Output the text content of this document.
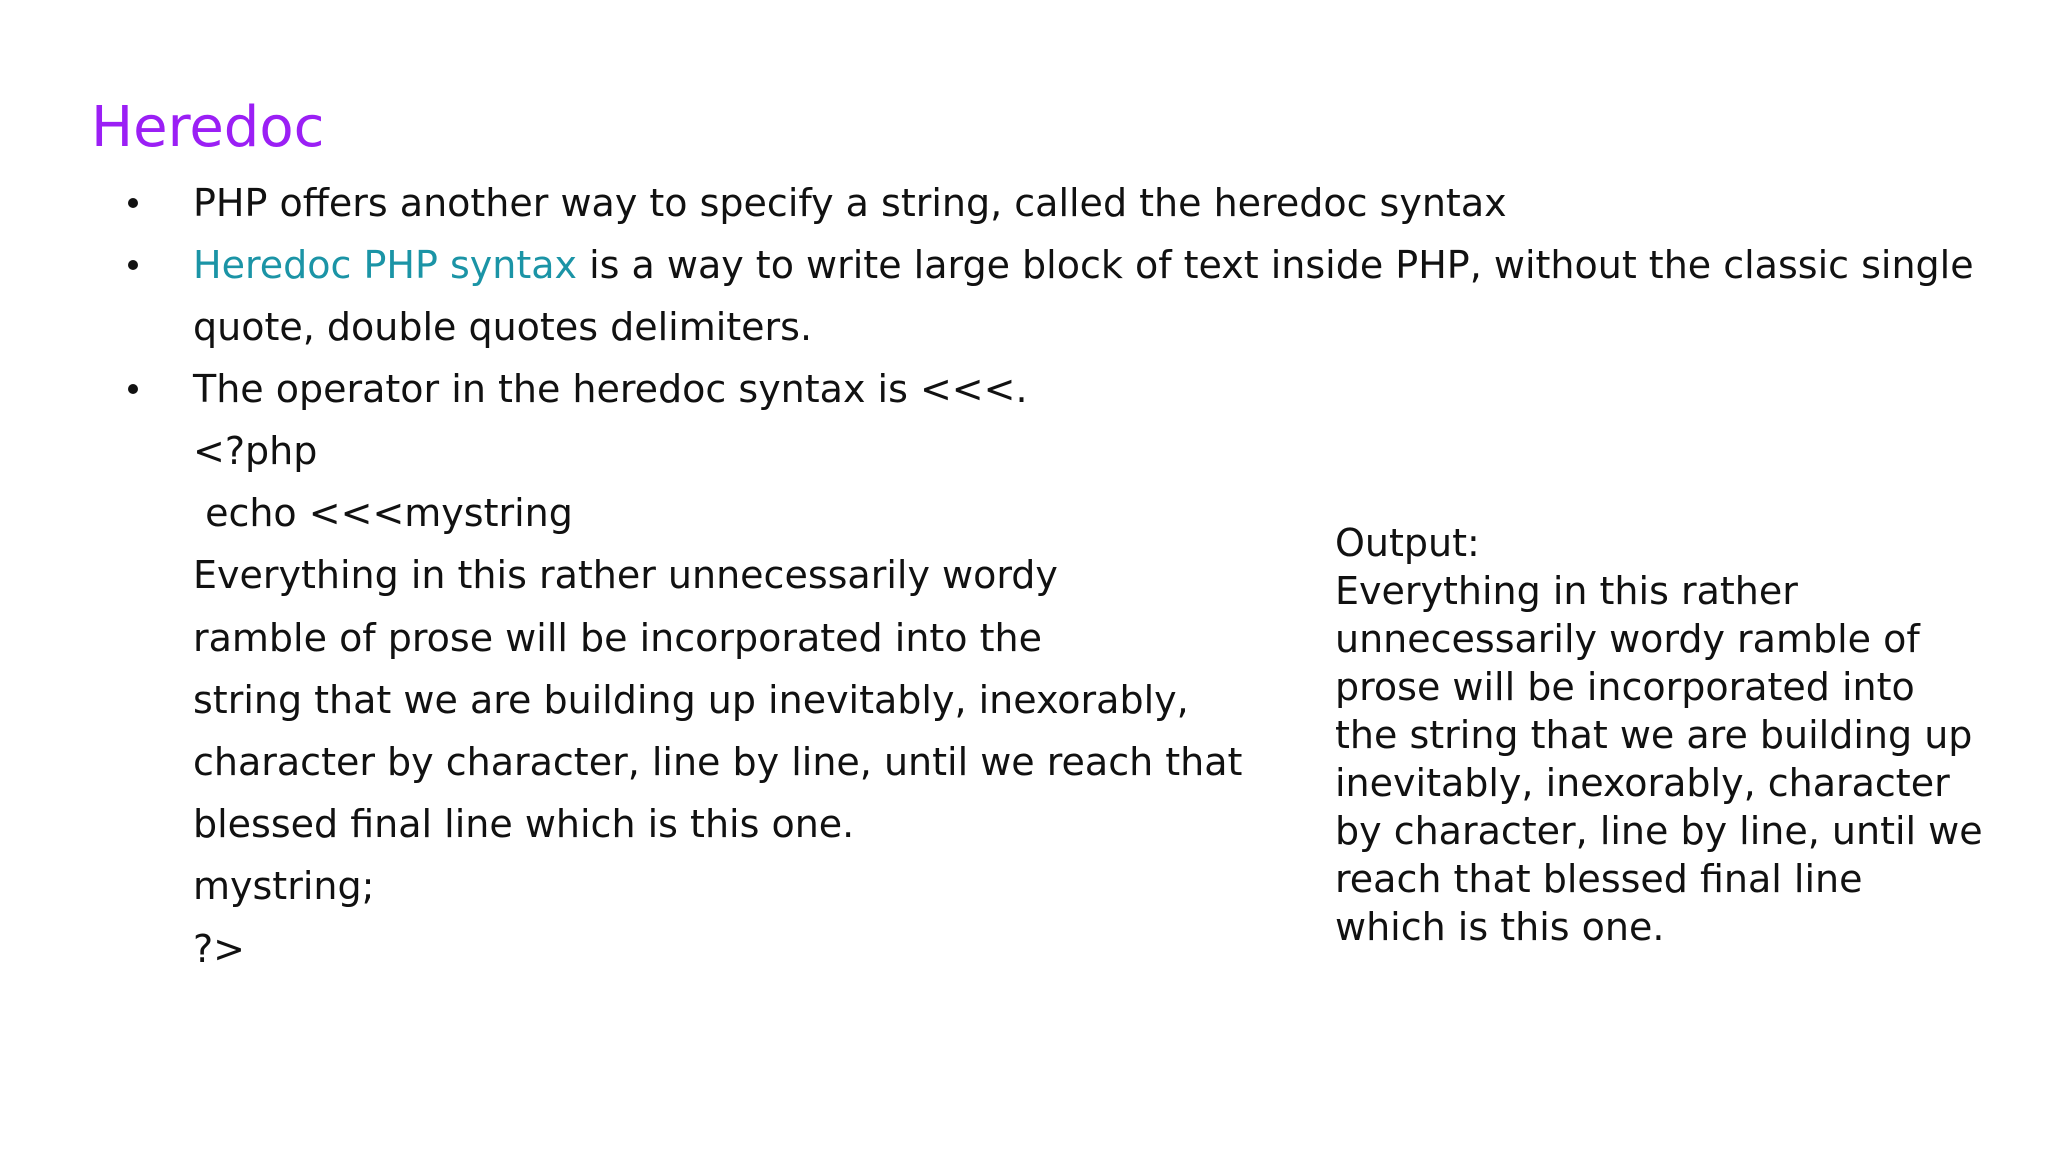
Heredoc
PHP offers another way to specify a string, called the heredoc syntax
Heredoc PHP syntax is a way to write large block of text inside PHP, without the classic single quote, double quotes delimiters.
The operator in the heredoc syntax is <<<.
<?php
echo <<<mystring
Everything in this rather unnecessarily wordy
ramble of prose will be incorporated into the
string that we are building up inevitably, inexorably,
character by character, line by line, until we reach that
blessed final line which is this one.
mystring;
?>
Output:
Everything in this rather
unnecessarily wordy ramble of
prose will be incorporated into
the string that we are building up
inevitably, inexorably, character
by character, line by line, until we
reach that blessed final line
which is this one.
